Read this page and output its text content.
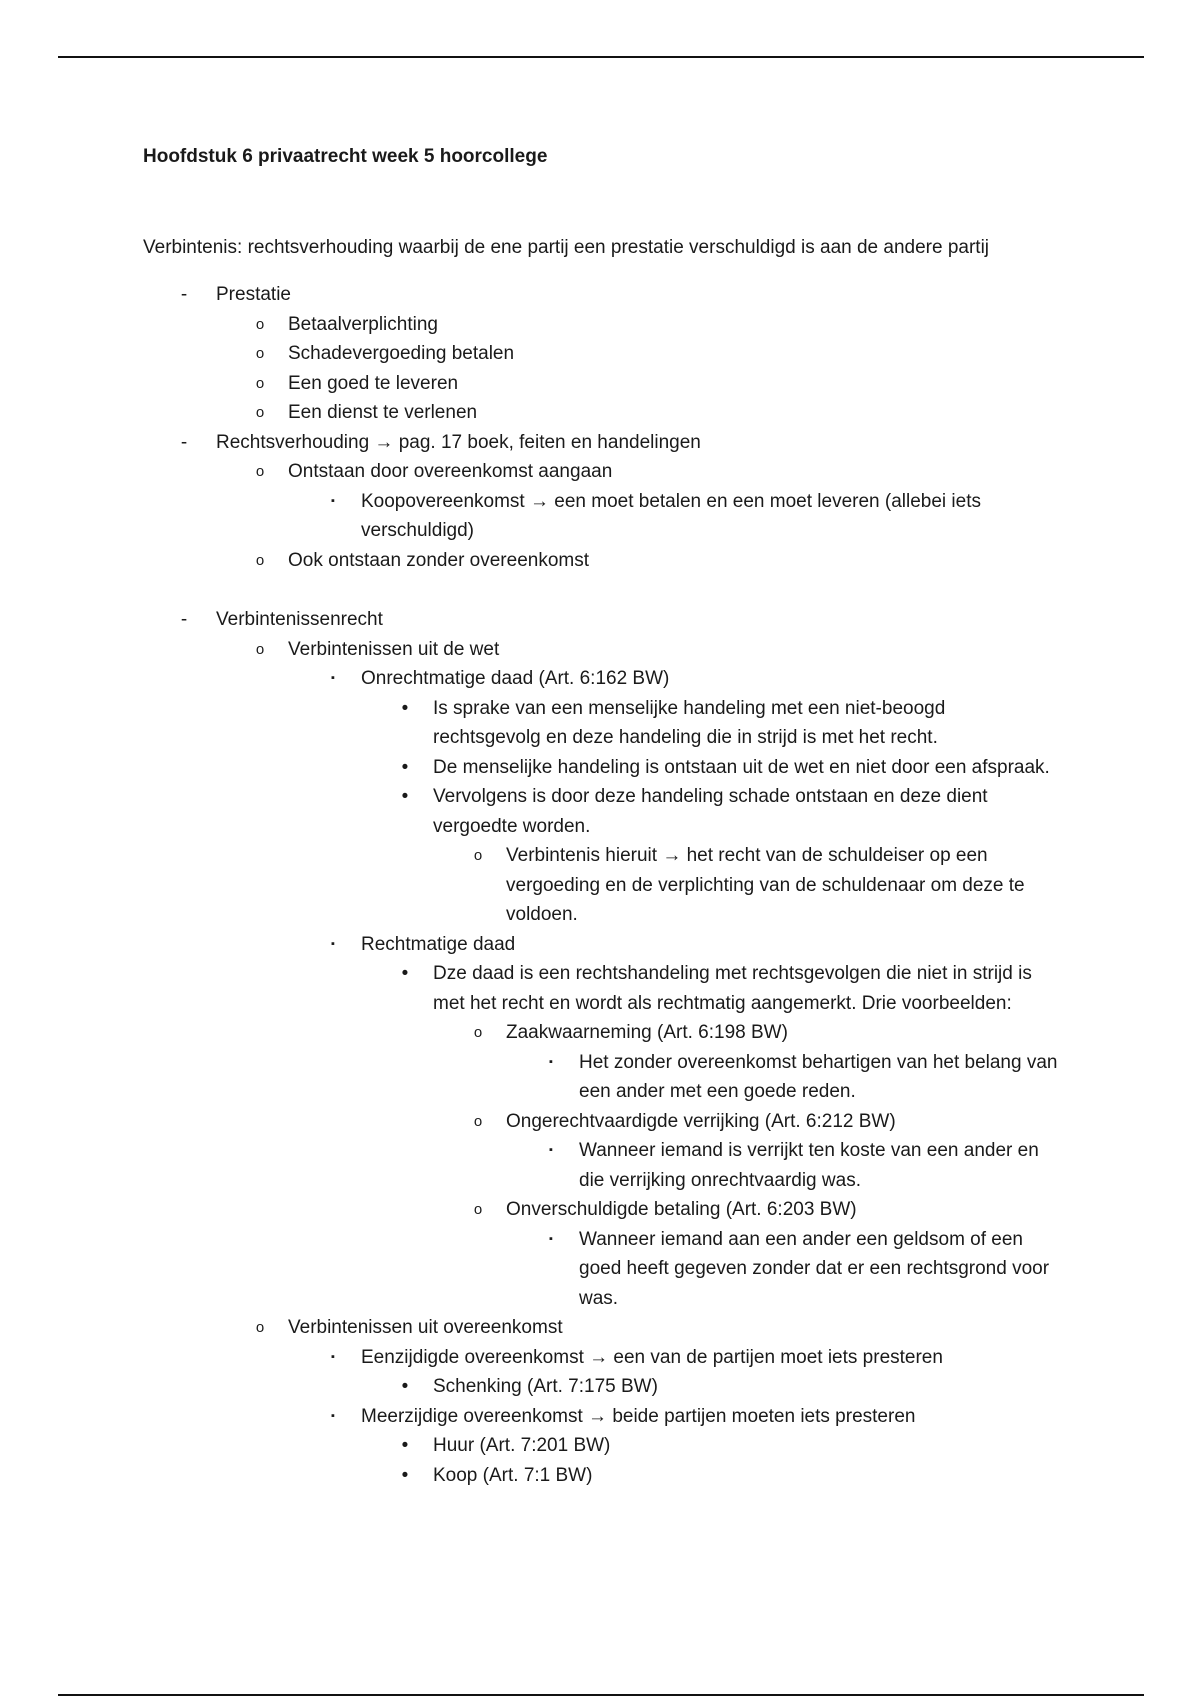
Hoofdstuk 6 privaatrecht week 5 hoorcollege
Verbintenis: rechtsverhouding waarbij de ene partij een prestatie verschuldigd is aan de andere partij
-	Prestatie
o	Betaalverplichting
o	Schadevergoeding betalen
o	Een goed te leveren
o	Een dienst te verlenen
-	Rechtsverhouding → pag. 17 boek, feiten en handelingen
o	Ontstaan door overeenkomst aangaan
▪	Koopovereenkomst → een moet betalen en een moet leveren (allebei iets verschuldigd)
o	Ook ontstaan zonder overeenkomst
-	Verbintenissenrecht
o	Verbintenissen uit de wet
▪	Onrechtmatige daad (Art. 6:162 BW)
•	Is sprake van een menselijke handeling met een niet-beoogd rechtsgevolg en deze handeling die in strijd is met het recht.
•	De menselijke handeling is ontstaan uit de wet en niet door een afspraak.
•	Vervolgens is door deze handeling schade ontstaan en deze dient vergoedte worden.
o	Verbintenis hieruit → het recht van de schuldeiser op een vergoeding en de verplichting van de schuldenaar om deze te voldoen.
▪	Rechtmatige daad
•	Dze daad is een rechtshandeling met rechtsgevolgen die niet in strijd is met het recht en wordt als rechtmatig aangemerkt. Drie voorbeelden:
o	Zaakwaarneming (Art. 6:198 BW)
▪	Het zonder overeenkomst behartigen van het belang van een ander met een goede reden.
o	Ongerechtvaardigde verrijking (Art. 6:212 BW)
▪	Wanneer iemand is verrijkt ten koste van een ander en die verrijking onrechtvaardig was.
o	Onverschuldigde betaling (Art. 6:203 BW)
▪	Wanneer iemand aan een ander een geldsom of een goed heeft gegeven zonder dat er een rechtsgrond voor was.
o	Verbintenissen uit overeenkomst
▪	Eenzijdigde overeenkomst → een van de partijen moet iets presteren
•	Schenking (Art. 7:175 BW)
▪	Meerzijdige overeenkomst → beide partijen moeten iets presteren
•	Huur (Art. 7:201 BW)
•	Koop (Art. 7:1 BW)
